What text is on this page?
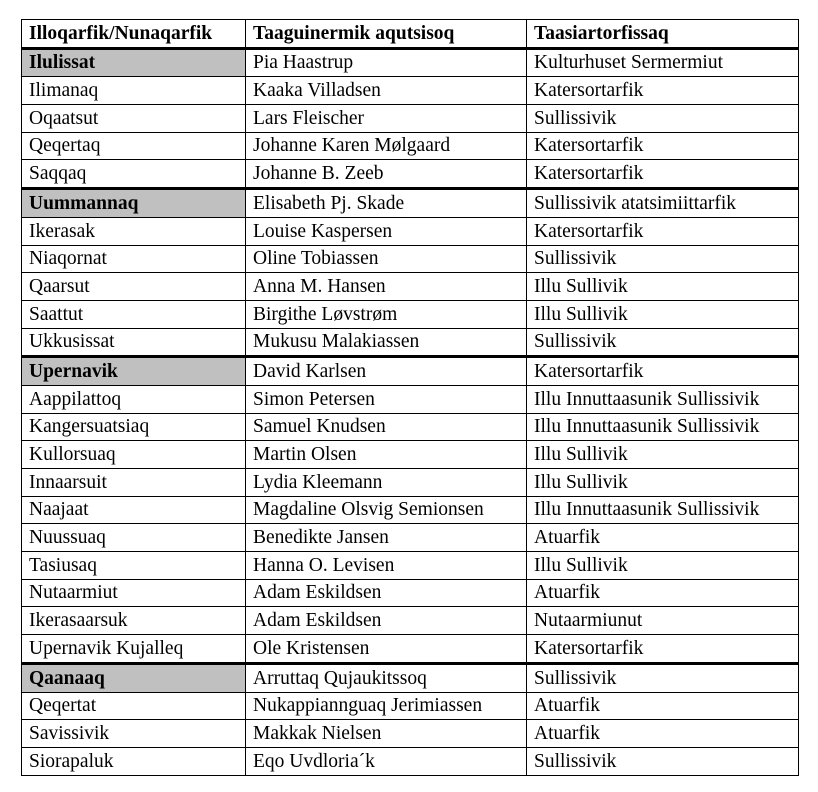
Illoqarfik/Nunaqarfik	Taaguinermik aqutsisoq	Taasiartorfissaq
Ilulissat	Pia Haastrup	Kulturhuset Sermermiut
Ilimanaq	Kaaka Villadsen	Katersortarfik
Oqaatsut	Lars Fleischer	Sullissivik
Qeqertaq	Johanne Karen Mølgaard	Katersortarfik
Saqqaq	Johanne B. Zeeb	Katersortarfik
Uummannaq	Elisabeth Pj. Skade	Sullissivik atatsimiittarfik
Ikerasak	Louise Kaspersen	Katersortarfik
Niaqornat	Oline Tobiassen	Sullissivik
Qaarsut	Anna M. Hansen	Illu Sullivik
Saattut	Birgithe Løvstrøm	Illu Sullivik
Ukkusissat	Mukusu Malakiassen	Sullissivik
Upernavik	David Karlsen	Katersortarfik
Aappilattoq	Simon Petersen	Illu Innuttaasunik Sullissivik
Kangersuatsiaq	Samuel Knudsen	Illu Innuttaasunik Sullissivik
Kullorsuaq	Martin Olsen	Illu Sullivik
Innaarsuit	Lydia Kleemann	Illu Sullivik
Naajaat	Magdaline Olsvig Semionsen	Illu Innuttaasunik Sullissivik
Nuussuaq	Benedikte Jansen	Atuarfik
Tasiusaq	Hanna O. Levisen	Illu Sullivik
Nutaarmiut	Adam Eskildsen	Atuarfik
Ikerasaarsuk	Adam Eskildsen	Nutaarmiunut
Upernavik Kujalleq	Ole Kristensen	Katersortarfik
Qaanaaq	Arruttaq Qujaukitssoq	Sullissivik
Qeqertat	Nukappiannguaq Jerimiassen	Atuarfik
Savissivik	Makkak Nielsen	Atuarfik
Siorapaluk	Eqo Uvdloria´k	Sullissivik
